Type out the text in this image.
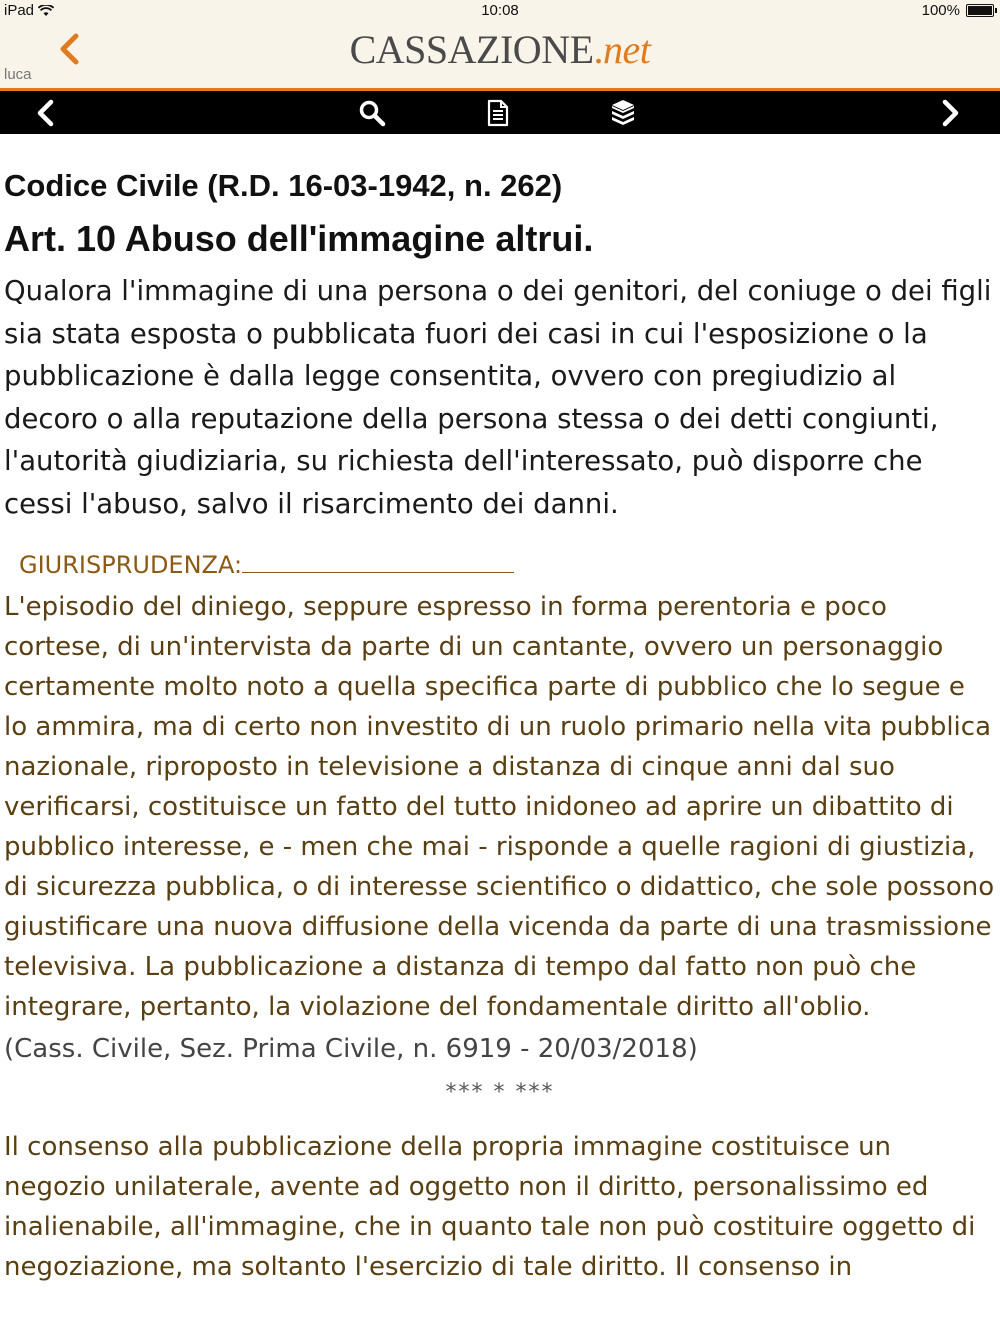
iPad	10:08	100%
luca
CASSAZIONE.net
Codice Civile (R.D. 16-03-1942, n. 262)
Art. 10 Abuso dell'immagine altrui.

Qualora l'immagine di una persona o dei genitori, del coniuge o dei figli sia stata esposta o pubblicata fuori dei casi in cui l'esposizione o la pubblicazione è dalla legge consentita, ovvero con pregiudizio al decoro o alla reputazione della persona stessa o dei detti congiunti, l'autorità giudiziaria, su richiesta dell'interessato, può disporre che cessi l'abuso, salvo il risarcimento dei danni.

GIURISPRUDENZA:

L'episodio del diniego, seppure espresso in forma perentoria e poco cortese, di un'intervista da parte di un cantante, ovvero un personaggio certamente molto noto a quella specifica parte di pubblico che lo segue e lo ammira, ma di certo non investito di un ruolo primario nella vita pubblica nazionale, riproposto in televisione a distanza di cinque anni dal suo verificarsi, costituisce un fatto del tutto inidoneo ad aprire un dibattito di pubblico interesse, e - men che mai - risponde a quelle ragioni di giustizia, di sicurezza pubblica, o di interesse scientifico o didattico, che sole possono giustificare una nuova diffusione della vicenda da parte di una trasmissione televisiva. La pubblicazione a distanza di tempo dal fatto non può che integrare, pertanto, la violazione del fondamentale diritto all'oblio.

(Cass. Civile, Sez. Prima Civile, n. 6919 - 20/03/2018)

*** * ***

Il consenso alla pubblicazione della propria immagine costituisce un negozio unilaterale, avente ad oggetto non il diritto, personalissimo ed inalienabile, all'immagine, che in quanto tale non può costituire oggetto di negoziazione, ma soltanto l'esercizio di tale diritto. Il consenso in
